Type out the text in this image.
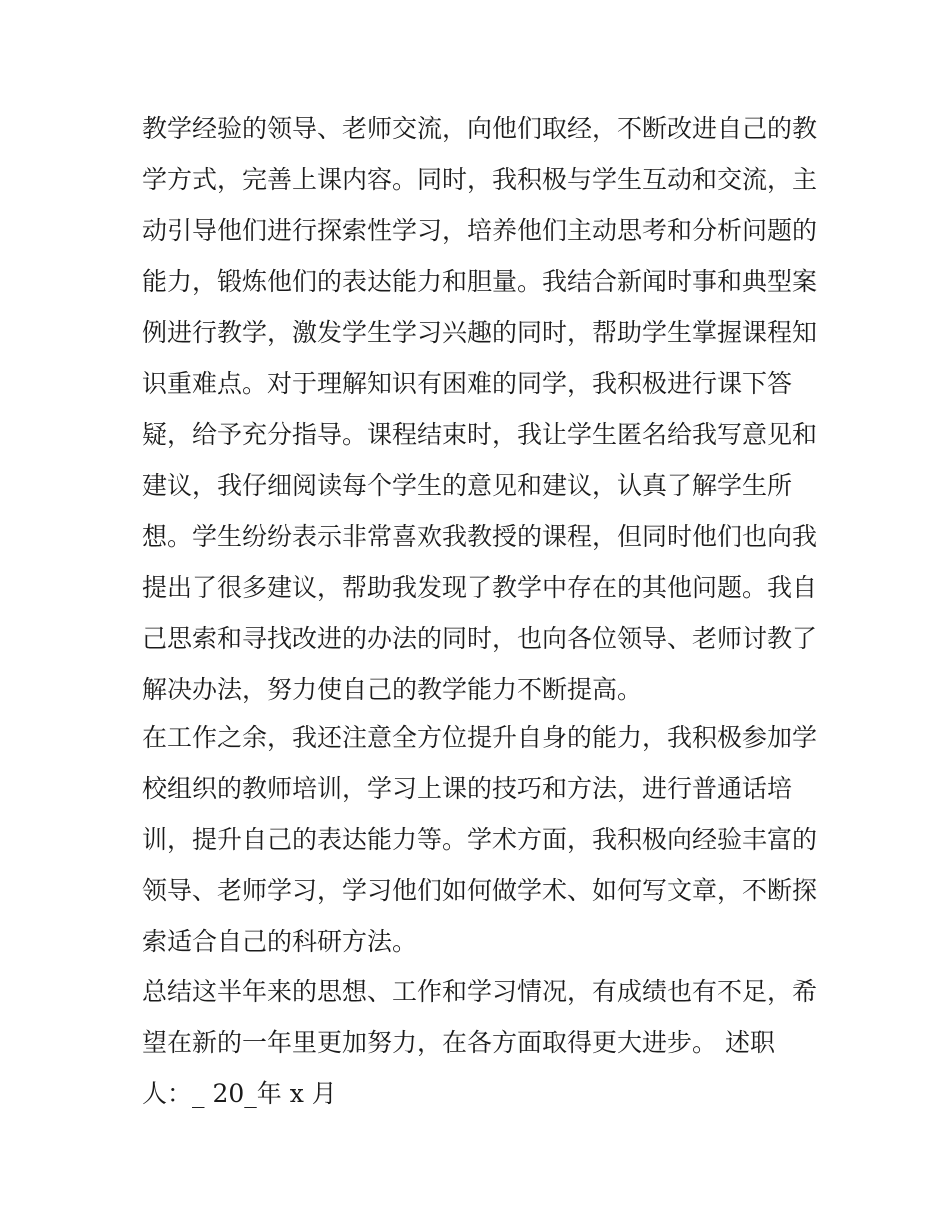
教学经验的领导、老师交流，向他们取经，不断改进自己的教
学方式，完善上课内容。同时，我积极与学生互动和交流，主
动引导他们进行探索性学习，培养他们主动思考和分析问题的
能力，锻炼他们的表达能力和胆量。我结合新闻时事和典型案
例进行教学，激发学生学习兴趣的同时，帮助学生掌握课程知
识重难点。对于理解知识有困难的同学，我积极进行课下答
疑，给予充分指导。课程结束时，我让学生匿名给我写意见和
建议，我仔细阅读每个学生的意见和建议，认真了解学生所
想。学生纷纷表示非常喜欢我教授的课程，但同时他们也向我
提出了很多建议，帮助我发现了教学中存在的其他问题。我自
己思索和寻找改进的办法的同时，也向各位领导、老师讨教了
解决办法，努力使自己的教学能力不断提高。
在工作之余，我还注意全方位提升自身的能力，我积极参加学
校组织的教师培训，学习上课的技巧和方法，进行普通话培
训，提升自己的表达能力等。学术方面，我积极向经验丰富的
领导、老师学习，学习他们如何做学术、如何写文章，不断探
索适合自己的科研方法。
总结这半年来的思想、工作和学习情况，有成绩也有不足，希
望在新的一年里更加努力，在各方面取得更大进步。 述职
人：_ 20_年 x 月
